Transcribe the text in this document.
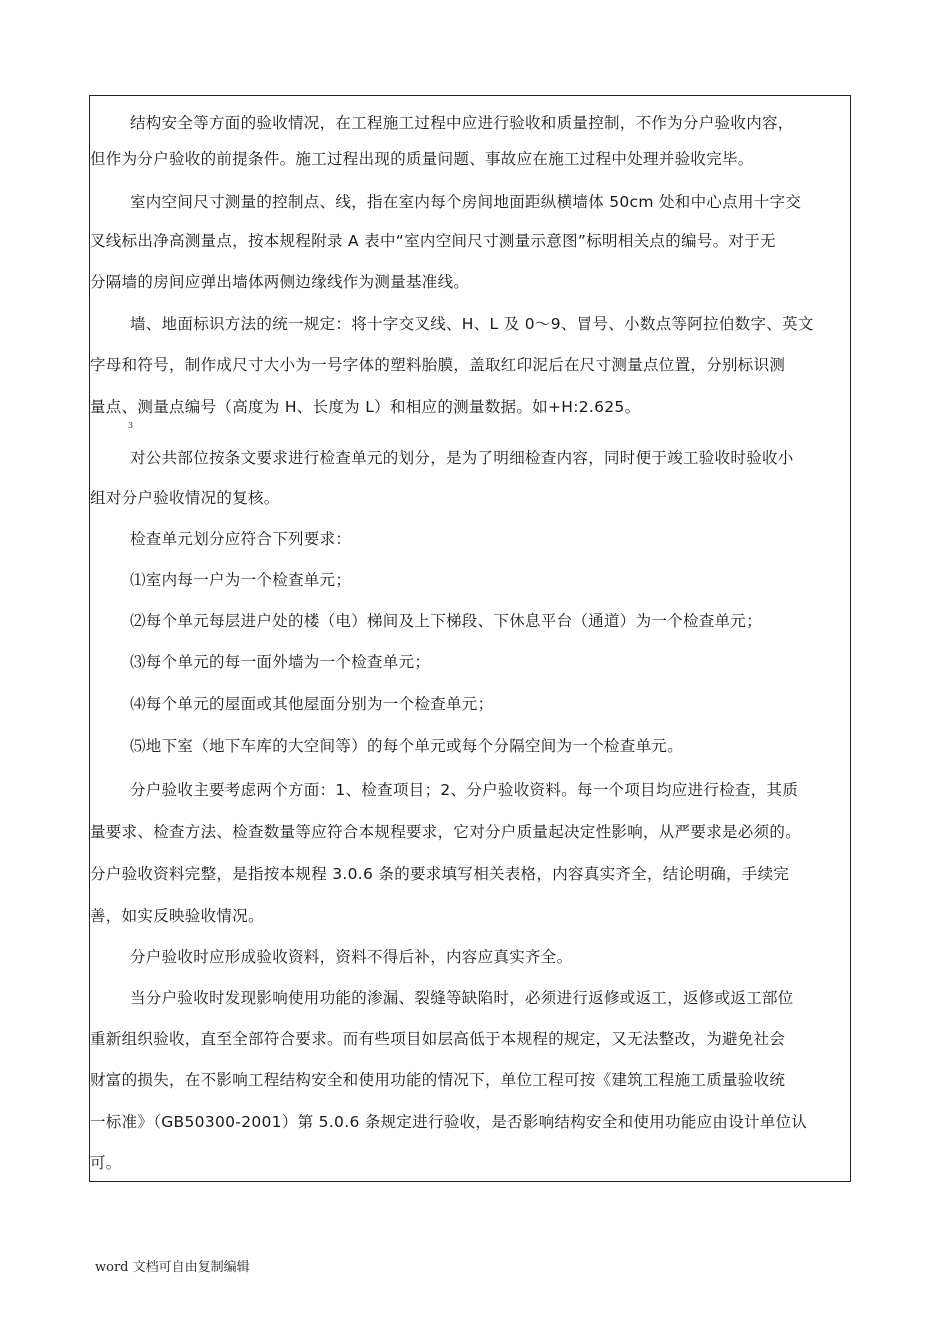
结构安全等方面的验收情况，在工程施工过程中应进行验收和质量控制，不作为分户验收内容，
但作为分户验收的前提条件。施工过程出现的质量问题、事故应在施工过程中处理并验收完毕。
室内空间尺寸测量的控制点、线，指在室内每个房间地面距纵横墙体 50cm 处和中心点用十字交
叉线标出净高测量点，按本规程附录 A 表中“室内空间尺寸测量示意图”标明相关点的编号。对于无
分隔墙的房间应弹出墙体两侧边缘线作为测量基准线。
墙、地面标识方法的统一规定：将十字交叉线、H、L 及 0～9、冒号、小数点等阿拉伯数字、英文
字母和符号，制作成尺寸大小为一号字体的塑料胎膜，盖取红印泥后在尺寸测量点位置，分别标识测
量点、测量点编号（高度为 H、长度为 L）和相应的测量数据。如+H:2.625。
3
对公共部位按条文要求进行检查单元的划分，是为了明细检查内容，同时便于竣工验收时验收小
组对分户验收情况的复核。
检查单元划分应符合下列要求：
⑴室内每一户为一个检查单元；
⑵每个单元每层进户处的楼（电）梯间及上下梯段、下休息平台（通道）为一个检查单元；
⑶每个单元的每一面外墙为一个检查单元；
⑷每个单元的屋面或其他屋面分别为一个检查单元；
⑸地下室（地下车库的大空间等）的每个单元或每个分隔空间为一个检查单元。
分户验收主要考虑两个方面：1、检查项目；2、分户验收资料。每一个项目均应进行检查，其质
量要求、检查方法、检查数量等应符合本规程要求，它对分户质量起决定性影响，从严要求是必须的。
分户验收资料完整，是指按本规程 3.0.6 条的要求填写相关表格，内容真实齐全，结论明确，手续完
善，如实反映验收情况。
分户验收时应形成验收资料，资料不得后补，内容应真实齐全。
当分户验收时发现影响使用功能的渗漏、裂缝等缺陷时，必须进行返修或返工，返修或返工部位
重新组织验收，直至全部符合要求。而有些项目如层高低于本规程的规定，又无法整改，为避免社会
财富的损失，在不影响工程结构安全和使用功能的情况下，单位工程可按《建筑工程施工质量验收统
一标准》（GB50300-2001）第 5.0.6 条规定进行验收，是否影响结构安全和使用功能应由设计单位认
可。
word 文档可自由复制编辑
